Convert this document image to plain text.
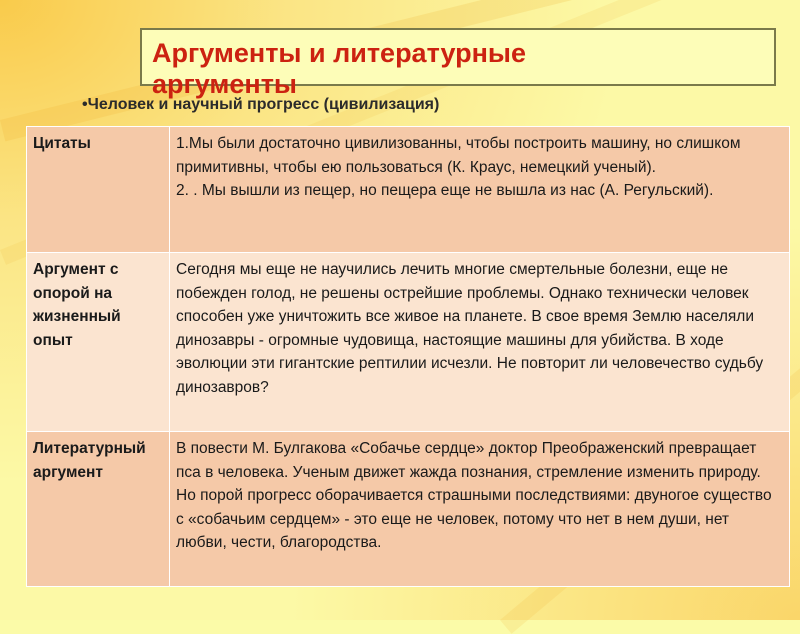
Аргументы и литературные
аргументы
•Человек и научный прогресс (цивилизация)
Цитаты	1.Мы были достаточно цивилизованны, чтобы построить машину, но слишком примитивны, чтобы ею пользоваться (К. Краус, немецкий ученый).
2. . Мы вышли из пещер, но пещера еще не вышла из нас (А. Регульский).

Аргумент с опорой на жизненный опыт	Сегодня мы еще не научились лечить многие смертельные болезни, еще не побежден голод, не решены острейшие проблемы. Однако технически человек способен уже уничтожить все живое на планете. В свое время Землю населяли динозавры - огромные чудовища, настоящие машины для убийства. В ходе эволюции эти гигантские рептилии исчезли. Не повторит ли человечество судьбу динозавров?

Литературный аргумент	В повести М. Булгакова «Собачье сердце» доктор Преображенский превращает пса в человека. Ученым движет жажда познания, стремление изменить природу. Но порой прогресс оборачивается страшными последствиями: двуногое существо с «собачьим сердцем» - это еще не человек, потому что нет в нем души, нет любви, чести, благородства.
